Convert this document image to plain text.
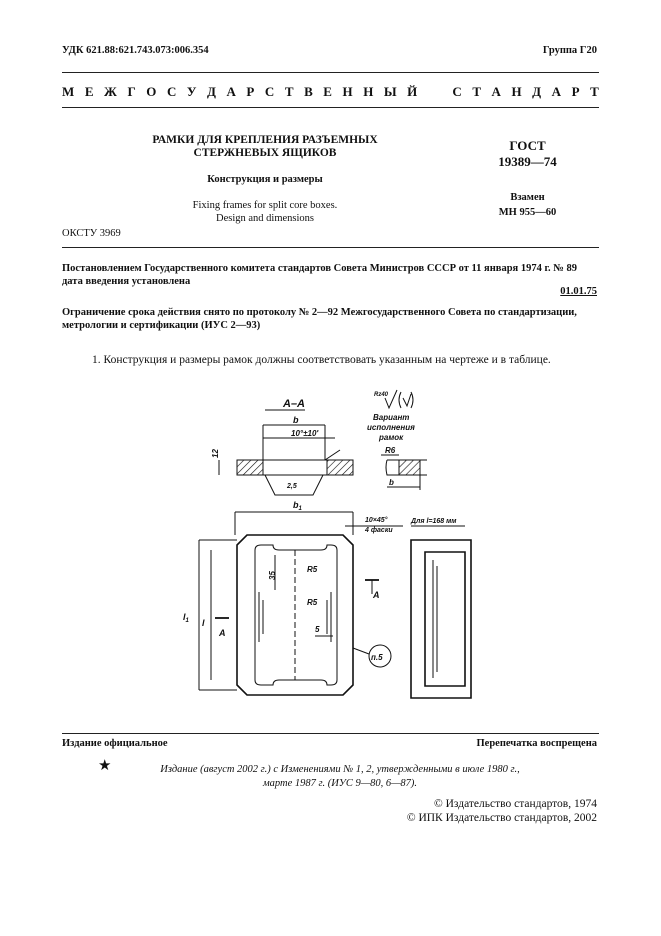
УДК 621.88:621.743.073:006.354	Группа Г20
М Е Ж Г О С У Д А Р С Т В Е Н Н Ы Й	С Т А Н Д А Р Т
РАМКИ ДЛЯ КРЕПЛЕНИЯ РАЗЪЕМНЫХ
СТЕРЖНЕВЫХ ЯЩИКОВ
Конструкция и размеры
Fixing frames for split core boxes.
Design and dimensions
ГОСТ
19389—74
Взамен
МН 955—60
ОКСТУ 3969
Постановлением Государственного комитета стандартов Совета Министров СССР от 11 января 1974 г. № 89 дата введения установлена
01.01.75
Ограничение срока действия снято по протоколу № 2—92 Межгосударственного Совета по стандартизации, метрологии и сертификации (ИУС 2—93)
1. Конструкция и размеры рамок должны соответствовать указанным на чертеже и в таблице.
A–A
b
10°±10'
12
2,5
Rz40
Вариант
исполнения
рамок
R6
b
$b_1$
10×45°
4 фаски
Для l=168 мм
$l_1$ l
35
R5
R5
5
A
A
п.5
Издание официальное	Перепечатка воспрещена
★	Издание (август 2002 г.) с Изменениями № 1, 2, утвержденными в июле 1980 г.,
марте 1987 г. (ИУС 9—80, 6—87).
© Издательство стандартов, 1974
© ИПК Издательство стандартов, 2002
